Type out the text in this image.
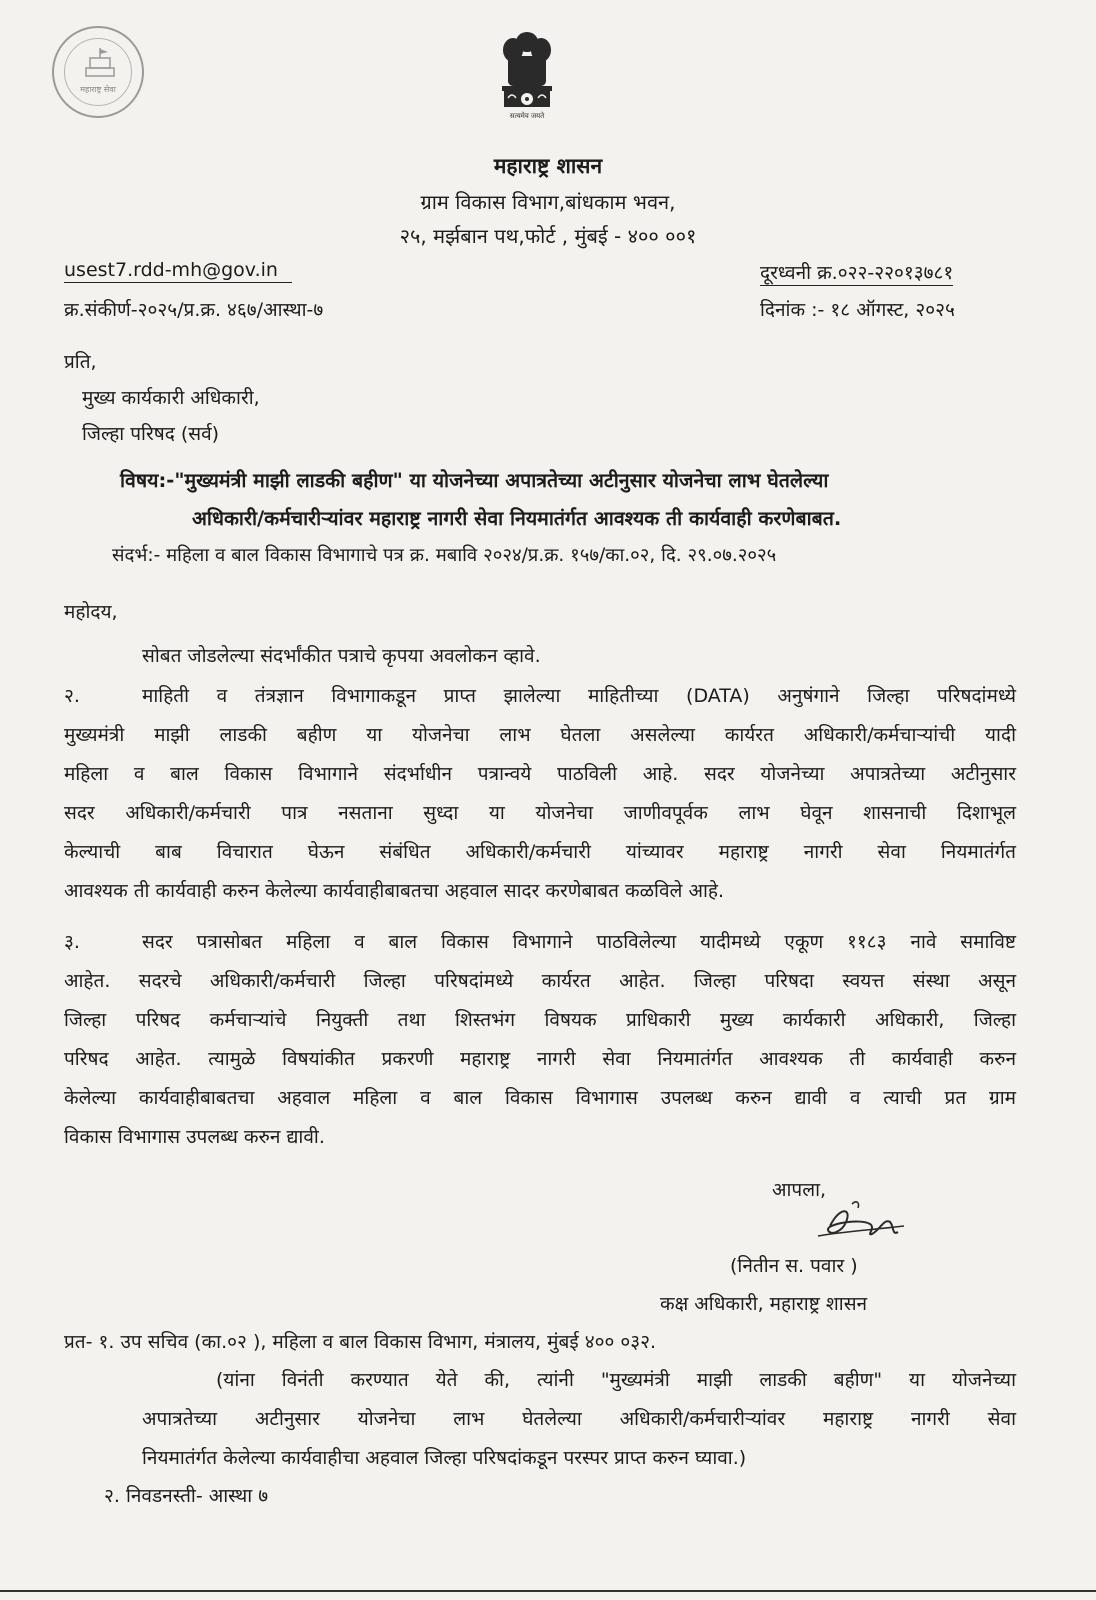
महाराष्ट्र सेवा
सत्यमेव जयते
महाराष्ट्र शासन
ग्राम विकास विभाग,बांधकाम भवन,
२५, मर्झबान पथ,फोर्ट , मुंबई - ४०० ००१
usest7.rdd-mh@gov.in	दूरध्वनी क्र.०२२-२२०१३७८१
क्र.संकीर्ण-२०२५/प्र.क्र. ४६७/आस्था-७	दिनांक :- १८ ऑगस्ट, २०२५
प्रति,
मुख्य कार्यकारी अधिकारी,
जिल्हा परिषद (सर्व)
विषय:-"मुख्यमंत्री माझी लाडकी बहीण" या योजनेच्या अपात्रतेच्या अटीनुसार योजनेचा लाभ घेतलेल्या
अधिकारी/कर्मचारीऱ्यांवर महाराष्ट्र नागरी सेवा नियमातंर्गत आवश्यक ती कार्यवाही करणेबाबत.
संदर्भ:- महिला व बाल विकास विभागाचे पत्र क्र. मबावि २०२४/प्र.क्र. १५७/का.०२, दि. २९.०७.२०२५
महोदय,
सोबत जोडलेल्या संदर्भांकीत पत्राचे कृपया अवलोकन व्हावे.
२.	माहिती व तंत्रज्ञान विभागाकडून प्राप्त झालेल्या माहितीच्या (DATA) अनुषंगाने जिल्हा परिषदांमध्ये
मुख्यमंत्री माझी लाडकी बहीण या योजनेचा लाभ घेतला असलेल्या कार्यरत अधिकारी/कर्मचाऱ्यांची यादी
महिला व बाल विकास विभागाने संदर्भाधीन पत्रान्वये पाठविली आहे. सदर योजनेच्या अपात्रतेच्या अटीनुसार
सदर अधिकारी/कर्मचारी पात्र नसताना सुध्दा या योजनेचा जाणीवपूर्वक लाभ घेवून शासनाची दिशाभूल
केल्याची बाब विचारात घेऊन संबंधित अधिकारी/कर्मचारी यांच्यावर महाराष्ट्र नागरी सेवा नियमातंर्गत
आवश्यक ती कार्यवाही करुन केलेल्या कार्यवाहीबाबतचा अहवाल सादर करणेबाबत कळविले आहे.
३.	सदर पत्रासोबत महिला व बाल विकास विभागाने पाठविलेल्या यादीमध्ये एकूण ११८३ नावे समाविष्ट
आहेत. सदरचे अधिकारी/कर्मचारी जिल्हा परिषदांमध्ये कार्यरत आहेत. जिल्हा परिषदा स्वयत्त संस्था असून
जिल्हा परिषद कर्मचाऱ्यांचे नियुक्ती तथा शिस्तभंग विषयक प्राधिकारी मुख्य कार्यकारी अधिकारी, जिल्हा
परिषद आहेत. त्यामुळे विषयांकीत प्रकरणी महाराष्ट्र नागरी सेवा नियमातंर्गत आवश्यक ती कार्यवाही करुन
केलेल्या कार्यवाहीबाबतचा अहवाल महिला व बाल विकास विभागास उपलब्ध करुन द्यावी व त्याची प्रत ग्राम
विकास विभागास उपलब्ध करुन द्यावी.
आपला,
(नितीन स. पवार )
कक्ष अधिकारी, महाराष्ट्र शासन
प्रत- १. उप सचिव (का.०२ ), महिला व बाल विकास विभाग, मंत्रालय, मुंबई ४०० ०३२.
(यांना विनंती करण्यात येते की, त्यांनी "मुख्यमंत्री माझी लाडकी बहीण" या योजनेच्या
अपात्रतेच्या अटीनुसार योजनेचा लाभ घेतलेल्या अधिकारी/कर्मचारीऱ्यांवर महाराष्ट्र नागरी सेवा
नियमातंर्गत केलेल्या कार्यवाहीचा अहवाल जिल्हा परिषदांकडून परस्पर प्राप्त करुन घ्यावा.)
२. निवडनस्ती- आस्था ७
